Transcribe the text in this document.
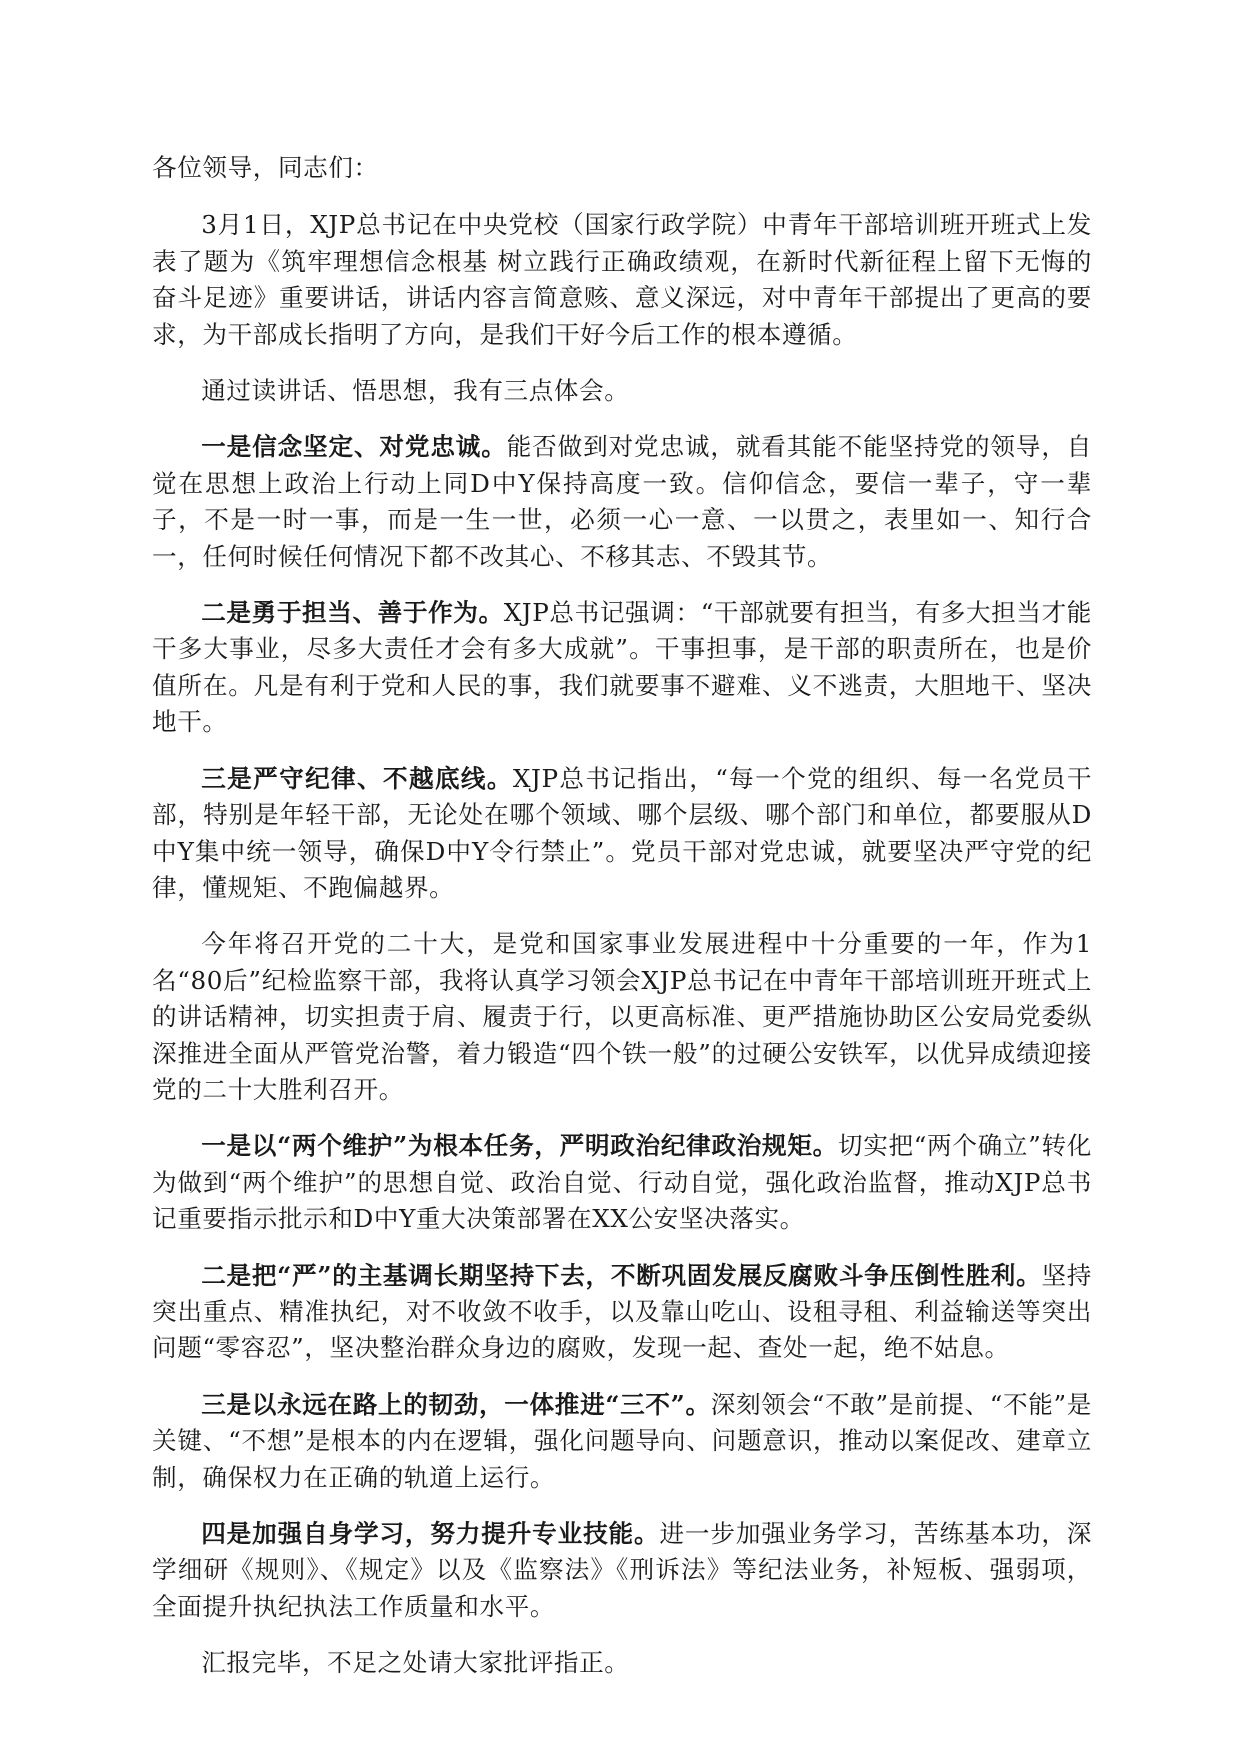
各位领导，同志们：

3月1日，XJP总书记在中央党校（国家行政学院）中青年干部培训班开班式上发表了题为《筑牢理想信念根基 树立践行正确政绩观，在新时代新征程上留下无悔的奋斗足迹》重要讲话，讲话内容言简意赅、意义深远，对中青年干部提出了更高的要求，为干部成长指明了方向，是我们干好今后工作的根本遵循。

通过读讲话、悟思想，我有三点体会。

一是信念坚定、对党忠诚。能否做到对党忠诚，就看其能不能坚持党的领导，自觉在思想上政治上行动上同D中Y保持高度一致。信仰信念，要信一辈子，守一辈子，不是一时一事，而是一生一世，必须一心一意、一以贯之，表里如一、知行合一，任何时候任何情况下都不改其心、不移其志、不毁其节。

二是勇于担当、善于作为。XJP总书记强调：“干部就要有担当，有多大担当才能干多大事业，尽多大责任才会有多大成就”。干事担事，是干部的职责所在，也是价值所在。凡是有利于党和人民的事，我们就要事不避难、义不逃责，大胆地干、坚决地干。

三是严守纪律、不越底线。XJP总书记指出，“每一个党的组织、每一名党员干部，特别是年轻干部，无论处在哪个领域、哪个层级、哪个部门和单位，都要服从D中Y集中统一领导，确保D中Y令行禁止”。党员干部对党忠诚，就要坚决严守党的纪律，懂规矩、不跑偏越界。

今年将召开党的二十大，是党和国家事业发展进程中十分重要的一年，作为1名“80后”纪检监察干部，我将认真学习领会XJP总书记在中青年干部培训班开班式上的讲话精神，切实担责于肩、履责于行，以更高标准、更严措施协助区公安局党委纵深推进全面从严管党治警，着力锻造“四个铁一般”的过硬公安铁军，以优异成绩迎接党的二十大胜利召开。

一是以“两个维护”为根本任务，严明政治纪律政治规矩。切实把“两个确立”转化为做到“两个维护”的思想自觉、政治自觉、行动自觉，强化政治监督，推动XJP总书记重要指示批示和D中Y重大决策部署在XX公安坚决落实。

二是把“严”的主基调长期坚持下去，不断巩固发展反腐败斗争压倒性胜利。坚持突出重点、精准执纪，对不收敛不收手，以及靠山吃山、设租寻租、利益输送等突出问题“零容忍”，坚决整治群众身边的腐败，发现一起、查处一起，绝不姑息。

三是以永远在路上的韧劲，一体推进“三不”。深刻领会“不敢”是前提、“不能”是关键、“不想”是根本的内在逻辑，强化问题导向、问题意识，推动以案促改、建章立制，确保权力在正确的轨道上运行。

四是加强自身学习，努力提升专业技能。进一步加强业务学习，苦练基本功，深学细研《规则》、《规定》以及《监察法》《刑诉法》等纪法业务，补短板、强弱项，全面提升执纪执法工作质量和水平。

汇报完毕，不足之处请大家批评指正。
